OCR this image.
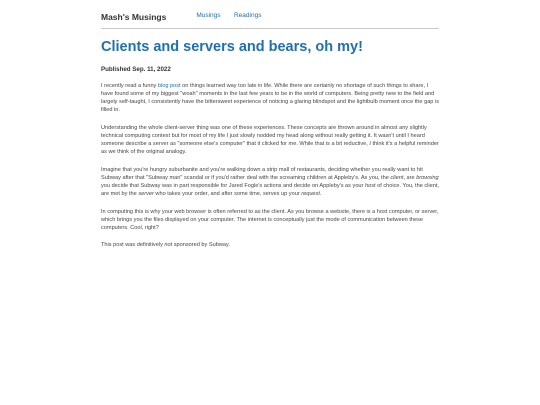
Mash's Musings	Musings Readings
Clients and servers and bears, oh my!
Published Sep. 11, 2022

I recently read a funny blog post on things learned way too late in life. While there are certainly no shortage of such things to share, I have found some of my biggest "woah" moments in the last few years to be in the world of computers. Being pretty new to the field and largely self-taught, I consistently have the bittersweet experience of noticing a glaring blindspot and the lightbulb moment once the gap is filled in.

Understanding the whole client-server thing was one of these experiences. These concepts are thrown around in almost any slightly technical computing context but for most of my life I just slowly nodded my head along without really getting it. It wasn't until I heard someone describe a server as "someone else's computer" that it clicked for me. While that is a bit reductive, I think it's a helpful reminder as we think of the original analogy.

Imagine that you're hungry suburbanite and you're walking down a strip mall of restaurants, deciding whether you really want to hit Subway after that "Subway man" scandal or if you'd rather deal with the screaming children at Appleby's. As you, the client, are browsing you decide that Subway was in part responsible for Jared Fogle's actions and decide on Appleby's as your host of choice. You, the client, are met by the server who takes your order, and after some time, serves up your request.

In computing this is why your web browser is often referred to as the client. As you browse a website, there is a host computer, or server, which brings you the files displayed on your computer. The internet is conceptually just the mode of communication between these computers. Cool, right?

This post was definitively not sponsored by Subway.
